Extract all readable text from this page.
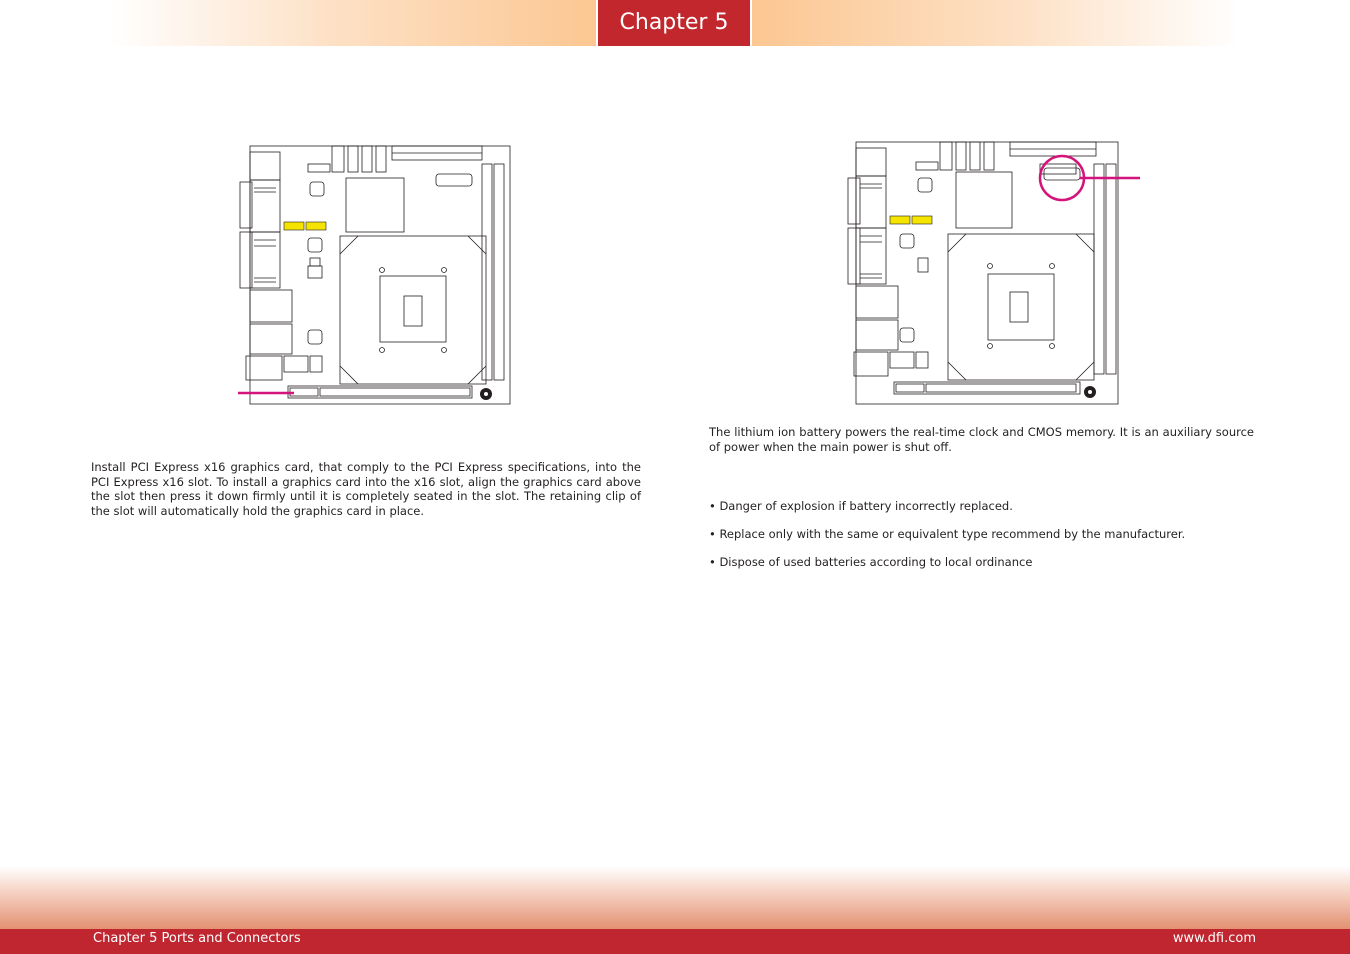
Chapter 5

Install PCI Express x16 graphics card, that comply to the PCI Express specifications, into the PCI Express x16 slot. To install a graphics card into the x16 slot, align the graphics card above the slot then press it down firmly until it is completely seated in the slot. The retaining clip of the slot will automatically hold the graphics card in place.

The lithium ion battery powers the real-time clock and CMOS memory. It is an auxiliary source of power when the main power is shut off.

• Danger of explosion if battery incorrectly replaced.

• Replace only with the same or equivalent type recommend by the manufacturer.

• Dispose of used batteries according to local ordinance

Chapter 5 Ports and Connectors	www.dfi.com
